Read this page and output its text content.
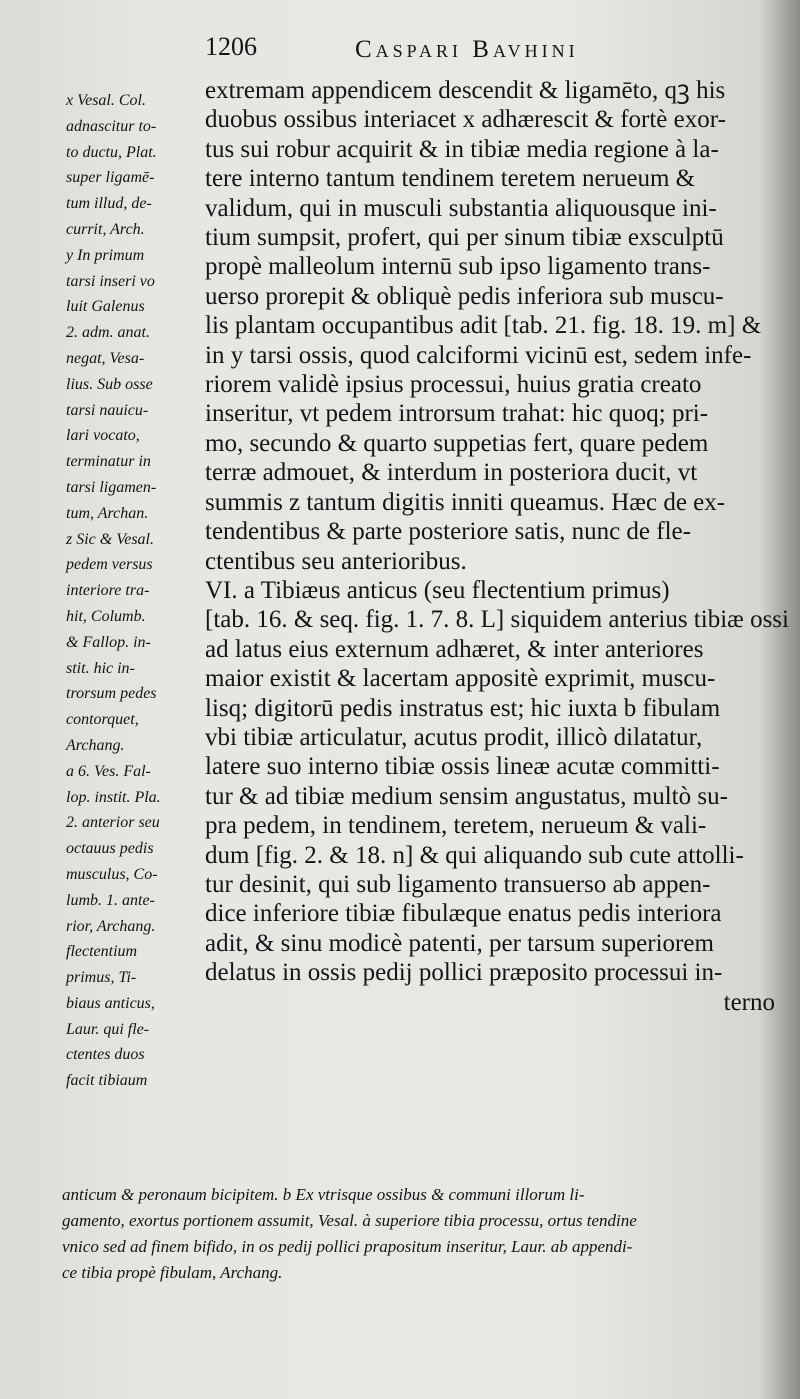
1206	Caspari Bavhini
x Vesal. Col.
adnascitur to-
to ductu, Plat.
super ligamē-
tum illud, de-
currit, Arch.
y In primum
tarsi inseri vo
luit Galenus
2. adm. anat.
negat, Vesa-
lius. Sub osse
tarsi nauicu-
lari vocato,
terminatur in
tarsi ligamen-
tum, Archan.
z Sic & Vesal.
pedem versus
interiore tra-
hit, Columb.
& Fallop. in-
stit. hic in-
trorsum pedes
contorquet,
Archang.
a 6. Ves. Fal-
lop. instit. Pla.
2. anterior seu
octauus pedis
musculus, Co-
lumb. 1. ante-
rior, Archang.
flectentium
primus, Ti-
biaus anticus,
Laur. qui fle-
ctentes duos
facit tibiaum
extremam appendicem descendit & ligamēto, qꝫ his
duobus ossibus interiacet x adhærescit & fortè exor-
tus sui robur acquirit & in tibiæ media regione à la-
tere interno tantum tendinem teretem neruеum &
validum, qui in musculi substantia aliquousque ini-
tium sumpsit, profert, qui per sinum tibiæ exsculptū
propè malleolum internū sub ipso ligamento trans-
uerso prorepit & obliquè pedis inferiora sub muscu-
lis plantam occupantibus adit [tab. 21. fig. 18. 19. m] &
in y tarsi ossis, quod calciformi vicinū est, sedem infe-
riorem validè ipsius processui, huius gratia creato
inseritur, vt pedem introrsum trahat: hic quoq; pri-
mo, secundo & quarto suppetias fert, quare pedem
terræ admouet, & interdum in posteriora ducit, vt
summis z tantum digitis inniti queamus. Hæc de ex-
tendentibus & parte posteriore satis, nunc de fle-
ctentibus seu anterioribus.
VI. a Tibiæus anticus (seu flectentium primus)
[tab. 16. & seq. fig. 1. 7. 8. L] siquidem anterius tibiæ ossi
ad latus eius externum adhæret, & inter anteriores
maior existit & lacertam appositè exprimit, muscu-
lisq; digitorū pedis instratus est; hic iuxta b fibulam
vbi tibiæ articulatur, acutus prodit, illicò dilatatur,
latere suo interno tibiæ ossis lineæ acutæ committi-
tur & ad tibiæ medium sensim angustatus, multò su-
pra pedem, in tendinem, teretem, neruеum & vali-
dum [fig. 2. & 18. n] & qui aliquando sub cute attolli-
tur desinit, qui sub ligamento transuerso ab appen-
dice inferiore tibiæ fibulæque enatus pedis interiora
adit, & sinu modicè patenti, per tarsum superiorem
delatus in ossis pedij pollici præposito processui in-
terno
anticum & peronaum bicipitem. b Ex vtrisque ossibus & communi illorum li-
gamento, exortus portionem assumit, Vesal. à superiore tibia processu, ortus tendine
vnico sed ad finem bifido, in os pedij pollici prapositum inseritur, Laur. ab appendi-
ce tibia propè fibulam, Archang.
